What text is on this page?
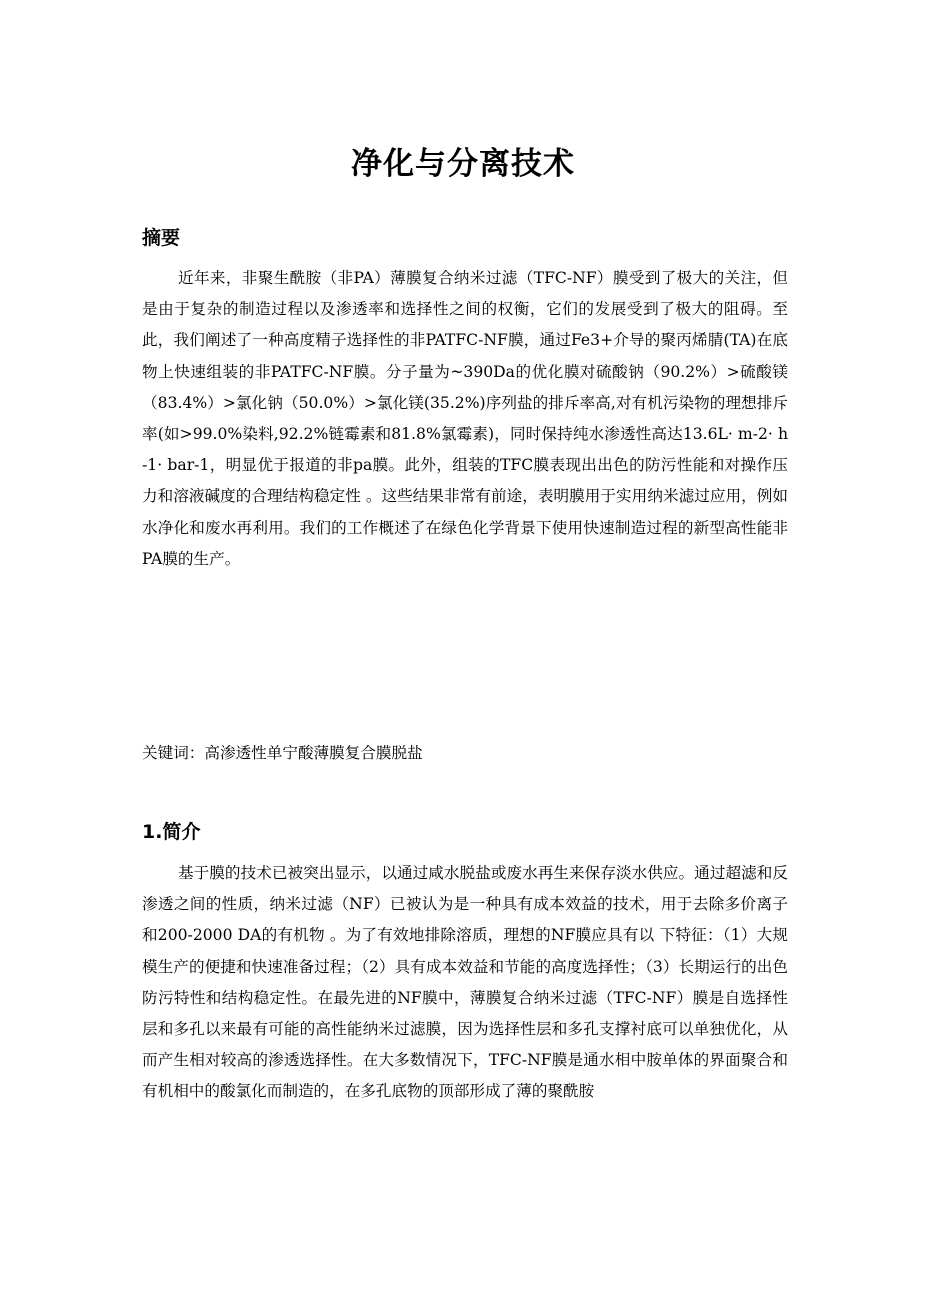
净化与分离技术
摘要
近年来，非聚生酰胺（非PA）薄膜复合纳米过滤（TFC-NF）膜受到了极大的关注，但是由于复杂的制造过程以及渗透率和选择性之间的权衡，它们的发展受到了极大的阻碍。至此，我们阐述了一种高度精子选择性的非PATFC-NF膜，通过Fe3+介导的聚丙烯腈(TA)在底物上快速组装的非PATFC-NF膜。分子量为~390Da的优化膜对硫酸钠（90.2%）>硫酸镁（83.4%）>氯化钠（50.0%）>氯化镁(35.2%)序列盐的排斥率高,对有机污染物的理想排斥率(如>99.0%染料,92.2%链霉素和81.8%氯霉素)，同时保持纯水渗透性高达13.6L· m-2· h-1· bar-1，明显优于报道的非pa膜。此外，组装的TFC膜表现出出色的防污性能和对操作压力和溶液碱度的合理结构稳定性 。这些结果非常有前途，表明膜用于实用纳米滤过应用，例如水净化和废水再利用。我们的工作概述了在绿色化学背景下使用快速制造过程的新型高性能非PA膜的生产。
关键词：高渗透性单宁酸薄膜复合膜脱盐
1.简介
基于膜的技术已被突出显示，以通过咸水脱盐或废水再生来保存淡水供应。通过超滤和反渗透之间的性质，纳米过滤（NF）已被认为是一种具有成本效益的技术，用于去除多价离子和200-2000 DA的有机物 。为了有效地排除溶质，理想的NF膜应具有以 下特征：（1）大规模生产的便捷和快速准备过程；（2）具有成本效益和节能的高度选择性；（3）长期运行的出色防污特性和结构稳定性。在最先进的NF膜中，薄膜复合纳米过滤（TFC-NF）膜是自选择性层和多孔以来最有可能的高性能纳米过滤膜，因为选择性层和多孔支撑衬底可以单独优化，从而产生相对较高的渗透选择性。在大多数情况下，TFC-NF膜是通水相中胺单体的界面聚合和有机相中的酸氯化而制造的，在多孔底物的顶部形成了薄的聚酰胺
